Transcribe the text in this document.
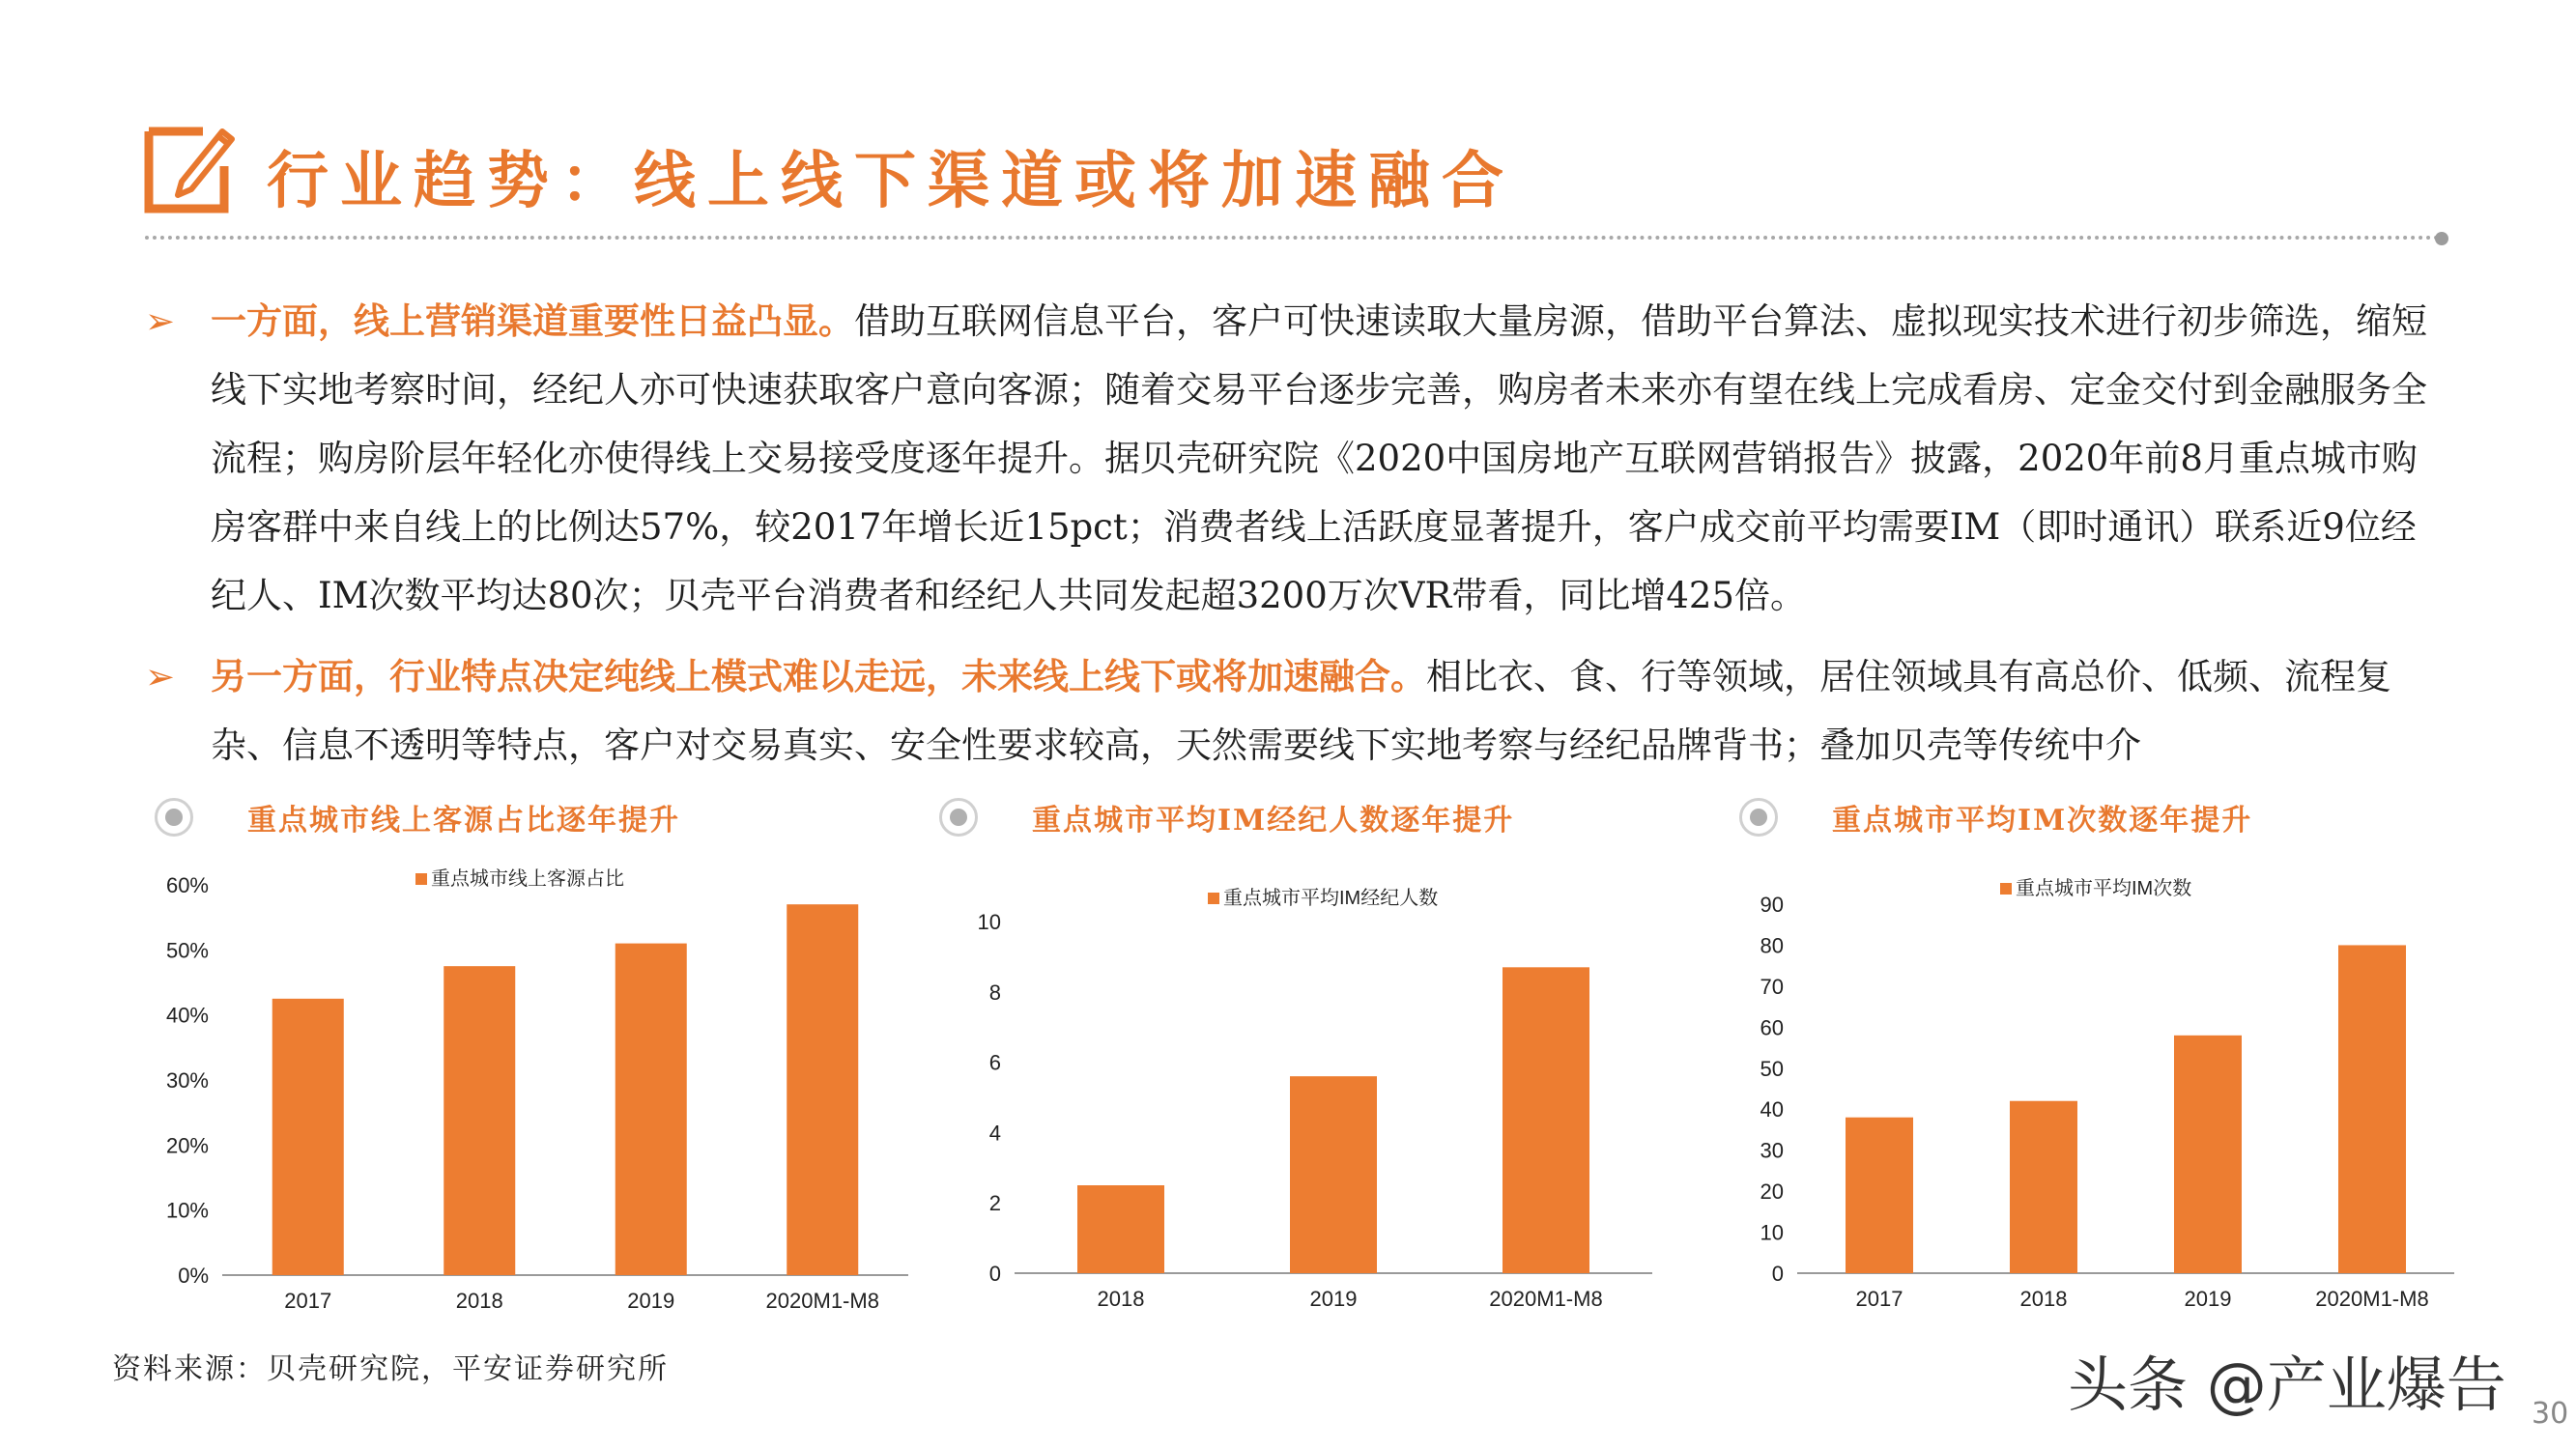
行业趋势：线上线下渠道或将加速融合
➢ 一方面，线上营销渠道重要性日益凸显。借助互联网信息平台，客户可快速读取大量房源，借助平台算法、虚拟现实技术进行初步筛选，缩短线下实地考察时间，经纪人亦可快速获取客户意向客源；随着交易平台逐步完善，购房者未来亦有望在线上完成看房、定金交付到金融服务全流程；购房阶层年轻化亦使得线上交易接受度逐年提升。据贝壳研究院《2020中国房地产互联网营销报告》披露，2020年前8月重点城市购房客群中来自线上的比例达57%，较2017年增长近15pct；消费者线上活跃度显著提升，客户成交前平均需要IM（即时通讯）联系近9位经纪人、IM次数平均达80次；贝壳平台消费者和经纪人共同发起超3200万次VR带看，同比增425倍。
➢ 另一方面，行业特点决定纯线上模式难以走远，未来线上线下或将加速融合。相比衣、食、行等领域，居住领域具有高总价、低频、流程复杂、信息不透明等特点，客户对交易真实、安全性要求较高，天然需要线下实地考察与经纪品牌背书；叠加贝壳等传统中介
重点城市线上客源占比逐年提升	重点城市平均IM经纪人数逐年提升	重点城市平均IM次数逐年提升
0%
10%
20%
30%
40%
50%
60%
2017	2018	2019	2020M1-M8
重点城市线上客源占比
0
2
4
6
8
10
2018	2019	2020M1-M8
重点城市平均IM经纪人数
0
10
20
30
40
50
60
70
80
90
2017	2018	2019	2020M1-M8
重点城市平均IM次数
资料来源：贝壳研究院，平安证券研究所	头条 @产业爆告 30
